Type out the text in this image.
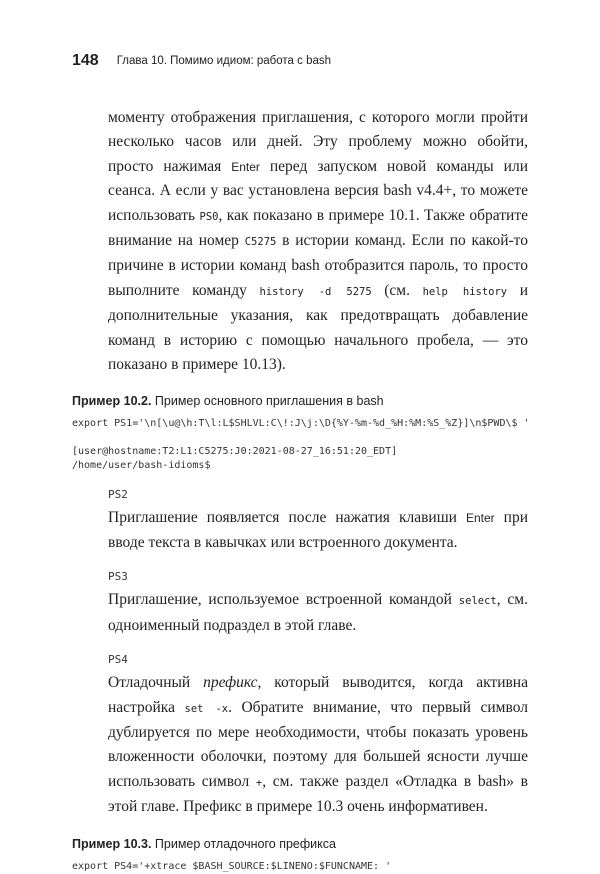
148 Глава 10. Помимо идиом: работа с bash
моменту отображения приглашения, с которого могли пройти несколько часов или дней. Эту проблему можно обойти, просто нажимая Enter перед запуском новой команды или сеанса. А если у вас установлена версия bash v4.4+, то можете использовать PS0, как показано в примере 10.1. Также обратите внимание на номер C5275 в истории команд. Если по какой-то причине в истории команд bash отобразится пароль, то просто выполните команду history -d 5275 (см. help history и дополнительные указания, как предотвращать добавление команд в историю с помощью начального пробела, — это показано в примере 10.13).
Пример 10.2. Пример основного приглашения в bash
export PS1='\n[\u@\h:T\l:L$SHLVL:C\!:J\j:\D{%Y-%m-%d_%H:%M:%S_%Z}]\n$PWD\$ '

[user@hostname:T2:L1:C5275:J0:2021-08-27_16:51:20_EDT]
/home/user/bash-idioms$
PS2
Приглашение появляется после нажатия клавиши Enter при вводе текста в кавычках или встроенного документа.
PS3
Приглашение, используемое встроенной командой select, см. одноименный подраздел в этой главе.
PS4
Отладочный префикс, который выводится, когда активна настройка set -x. Обратите внимание, что первый символ дублируется по мере необходимости, чтобы показать уровень вложенности оболочки, поэтому для большей ясности лучше использовать символ +, см. также раздел «Отладка в bash» в этой главе. Префикс в примере 10.3 очень информативен.
Пример 10.3. Пример отладочного префикса
export PS4='+xtrace $BASH_SOURCE:$LINENO:$FUNCNAME: '
